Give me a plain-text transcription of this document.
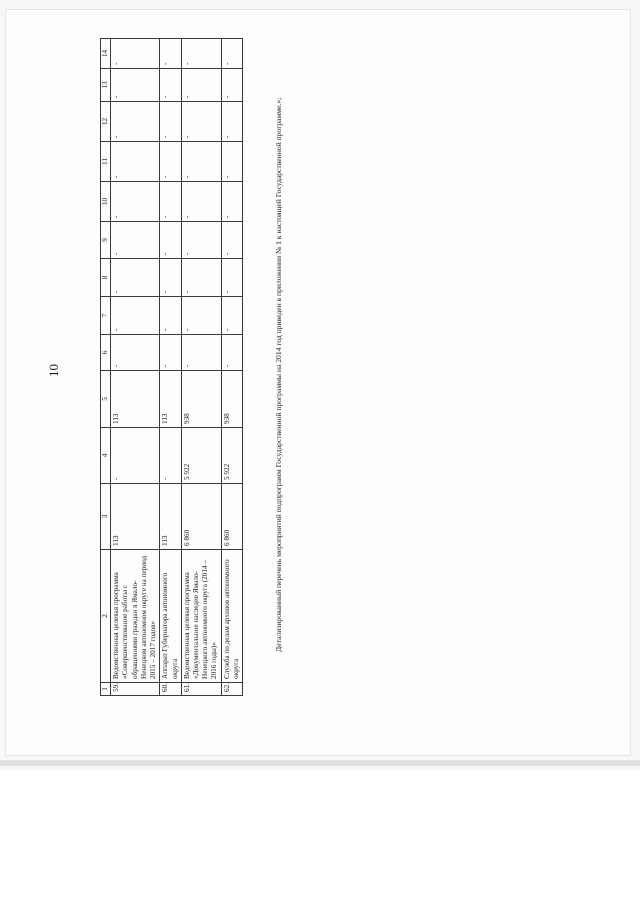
10
1	2	3	4	5	6	7	8	9	10	11	12	13	14
59.	Ведомственная целевая программа «Совершенствование работы с обращениями граждан в Ямало-Ненецком автономном округе на период 2015 – 2017 годов»	113	-	113	-	-	-	-	-	-	-	-	-
60.	Аппарат Губернатора автономного округа	113	-	113	-	-	-	-	-	-	-	-	-
61.	Ведомственная целевая программа «Документальное наследие Ямало-Ненецкого автономного округа (2014 – 2016 годы)»	6 860	5 922	938	-	-	-	-	-	-	-	-	-
62.	Служба по делам архивов автономного округа	6 860	5 922	938	-	-	-	-	-	-	-	-	-
Детализированный перечень мероприятий подпрограмм Государственной программы на 2014 год приведен в приложении № 1 к настоящей Государственной программе.»;
